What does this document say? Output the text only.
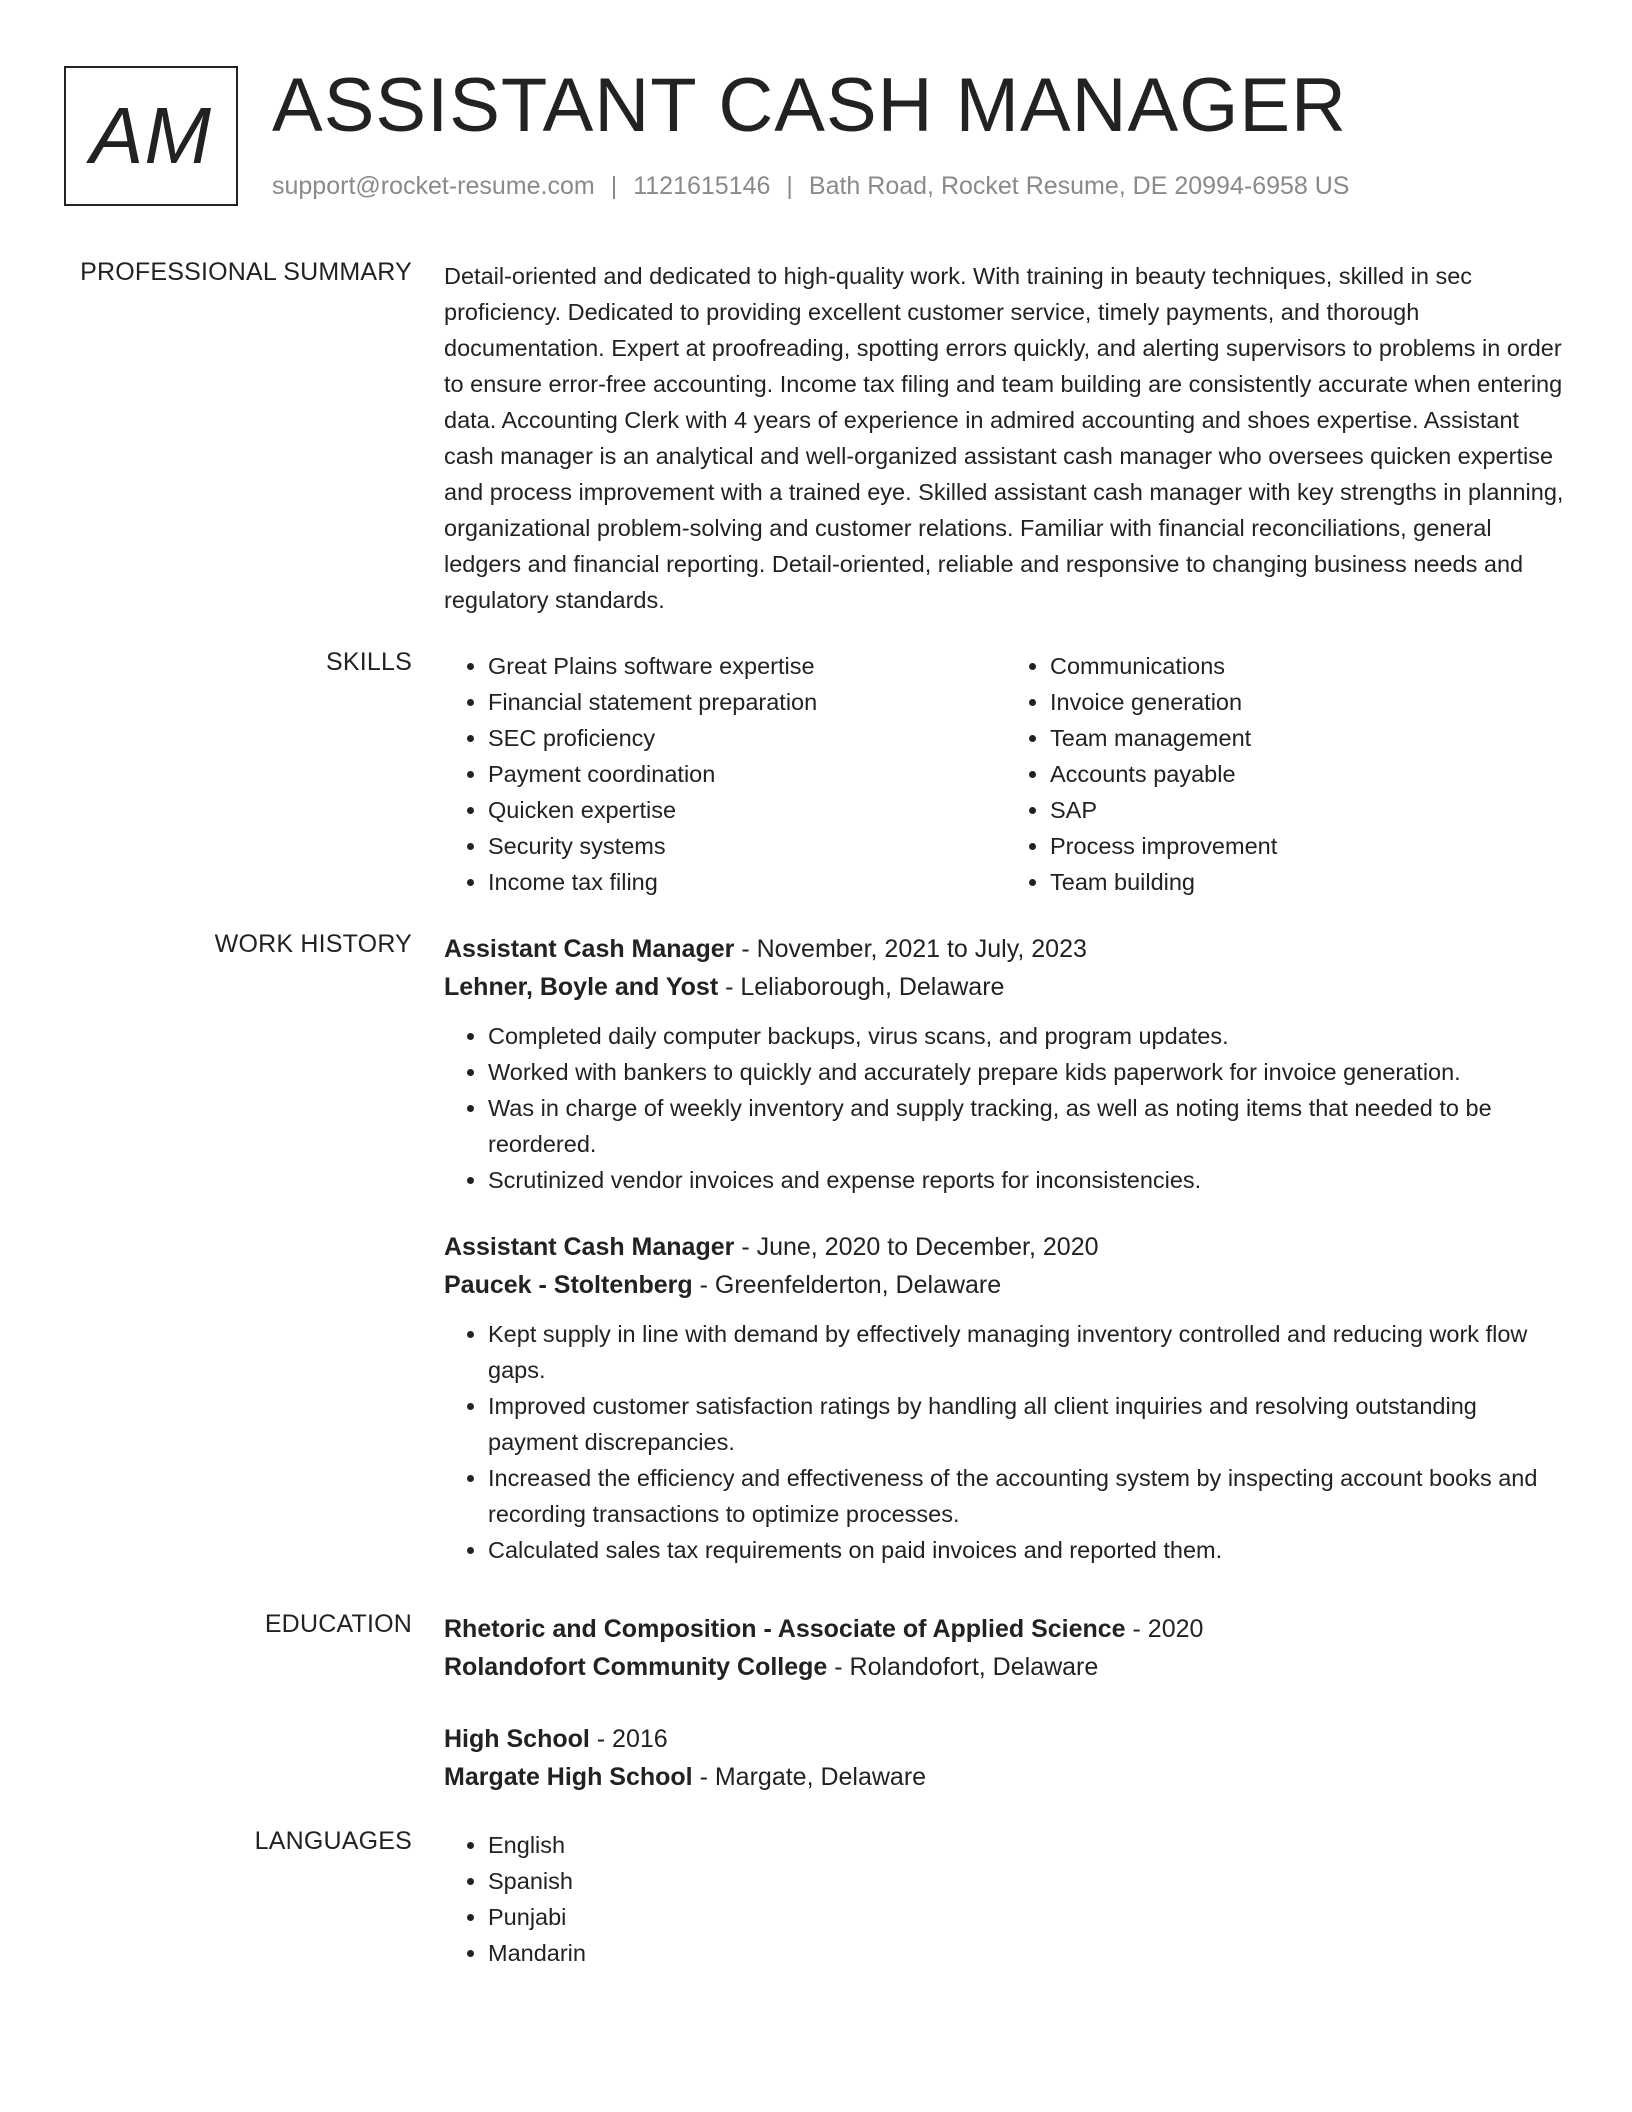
AM ASSISTANT CASH MANAGER
support@rocket-resume.com | 1121615146 | Bath Road, Rocket Resume, DE 20994-6958 US
PROFESSIONAL SUMMARY Detail-oriented and dedicated to high-quality work. With training in beauty techniques, skilled in sec proficiency. Dedicated to providing excellent customer service, timely payments, and thorough documentation. Expert at proofreading, spotting errors quickly, and alerting supervisors to problems in order to ensure error-free accounting. Income tax filing and team building are consistently accurate when entering data. Accounting Clerk with 4 years of experience in admired accounting and shoes expertise. Assistant cash manager is an analytical and well-organized assistant cash manager who oversees quicken expertise and process improvement with a trained eye. Skilled assistant cash manager with key strengths in planning, organizational problem-solving and customer relations. Familiar with financial reconciliations, general ledgers and financial reporting. Detail-oriented, reliable and responsive to changing business needs and regulatory standards.

SKILLS	• Great Plains software expertise
• Financial statement preparation
• SEC proficiency
• Payment coordination
• Quicken expertise
• Security systems
• Income tax filing
• Communications
• Invoice generation
• Team management
• Accounts payable
• SAP
• Process improvement
• Team building
WORK HISTORY Assistant Cash Manager - November, 2021 to July, 2023
Lehner, Boyle and Yost - Leliaborough, Delaware
• Completed daily computer backups, virus scans, and program updates.
• Worked with bankers to quickly and accurately prepare kids paperwork for invoice generation.
• Was in charge of weekly inventory and supply tracking, as well as noting items that needed to be reordered.
• Scrutinized vendor invoices and expense reports for inconsistencies.
Assistant Cash Manager - June, 2020 to December, 2020
Paucek - Stoltenberg - Greenfelderton, Delaware
• Kept supply in line with demand by effectively managing inventory controlled and reducing work flow gaps.
• Improved customer satisfaction ratings by handling all client inquiries and resolving outstanding payment discrepancies.
• Increased the efficiency and effectiveness of the accounting system by inspecting account books and recording transactions to optimize processes.
• Calculated sales tax requirements on paid invoices and reported them.
EDUCATION Rhetoric and Composition - Associate of Applied Science - 2020
Rolandofort Community College - Rolandofort, Delaware
High School - 2016
Margate High School - Margate, Delaware
LANGUAGES	• English
• Spanish
• Punjabi
• Mandarin
